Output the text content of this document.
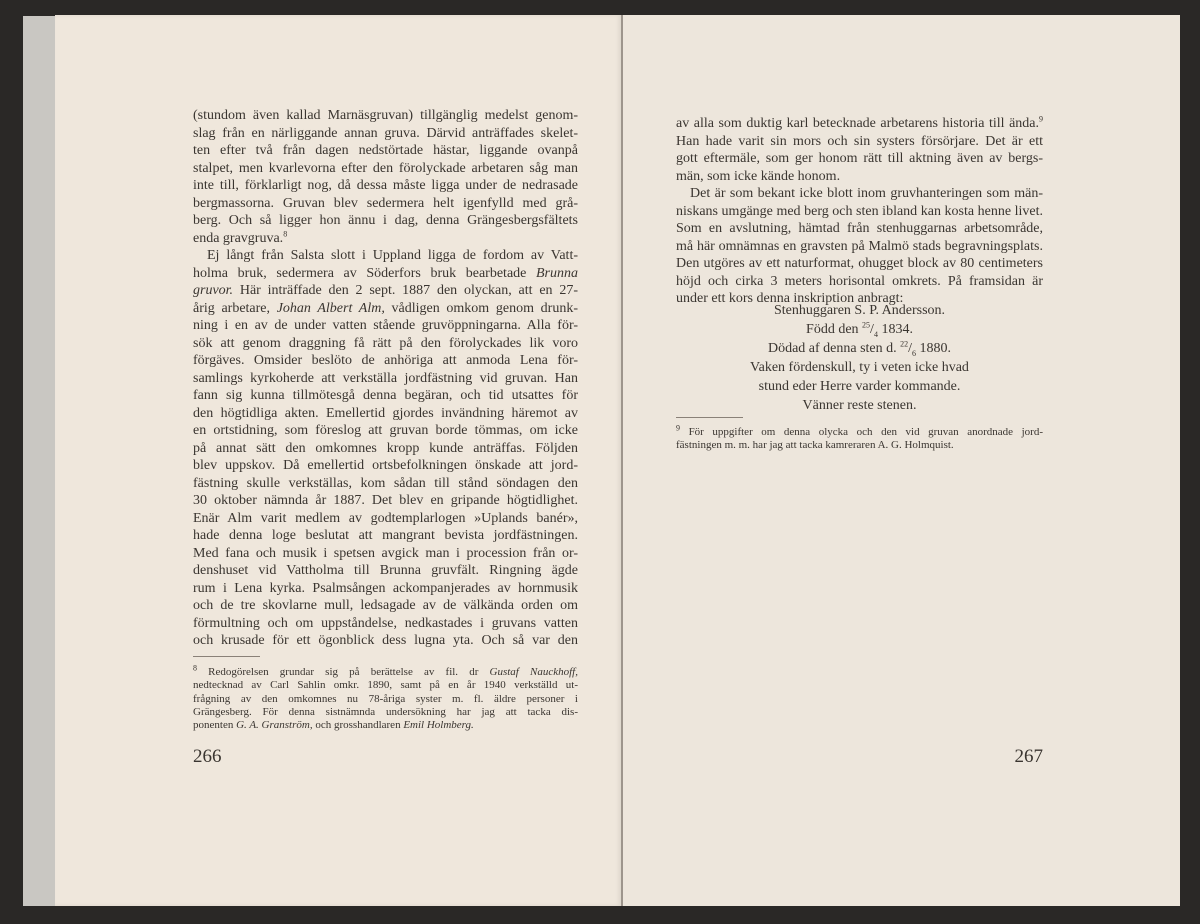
(stundom även kallad Marnäsgruvan) tillgänglig medelst genom-
slag från en närliggande annan gruva. Därvid anträffades skelet-
ten efter två från dagen nedstörtade hästar, liggande ovanpå
stalpet, men kvarlevorna efter den förolyckade arbetaren såg man
inte till, förklarligt nog, då dessa måste ligga under de nedrasade
bergmassorna. Gruvan blev sedermera helt igenfylld med grå-
berg. Och så ligger hon ännu i dag, denna Grängesbergsfältets
enda gravgruva.$^8$
Ej långt från Salsta slott i Uppland ligga de fordom av Vatt-
holma bruk, sedermera av Söderfors bruk bearbetade Brunna
gruvor. Här inträffade den 2 sept. 1887 den olyckan, att en 27-
årig arbetare, Johan Albert Alm, vådligen omkom genom drunk-
ning i en av de under vatten stående gruvöppningarna. Alla för-
sök att genom draggning få rätt på den förolyckades lik voro
förgäves. Omsider beslöto de anhöriga att anmoda Lena för-
samlings kyrkoherde att verkställa jordfästning vid gruvan. Han
fann sig kunna tillmötesgå denna begäran, och tid utsattes för
den högtidliga akten. Emellertid gjordes invändning häremot av
en ortstidning, som föreslog att gruvan borde tömmas, om icke
på annat sätt den omkomnes kropp kunde anträffas. Följden
blev uppskov. Då emellertid ortsbefolkningen önskade att jord-
fästning skulle verkställas, kom sådan till stånd söndagen den
30 oktober nämnda år 1887. Det blev en gripande högtidlighet.
Enär Alm varit medlem av godtemplarlogen »Uplands banér»,
hade denna loge beslutat att mangrant bevista jordfästningen.
Med fana och musik i spetsen avgick man i procession från or-
denshuset vid Vattholma till Brunna gruvfält. Ringning ägde
rum i Lena kyrka. Psalmsången ackompanjerades av hornmusik
och de tre skovlarne mull, ledsagade av de välkända orden om
förmultning och om uppståndelse, nedkastades i gruvans vatten
och krusade för ett ögonblick dess lugna yta. Och så var den
$^8$ Redogörelsen grundar sig på berättelse av fil. dr Gustaf Nauckhoff,
nedtecknad av Carl Sahlin omkr. 1890, samt på en år 1940 verkställd ut-
frågning av den omkomnes nu 78-åriga syster m. fl. äldre personer i
Grängesberg. För denna sistnämnda undersökning har jag att tacka dis-
ponenten G. A. Granström, och grosshandlaren Emil Holmberg.
266
av alla som duktig karl betecknade arbetarens historia till ända.$^9$
Han hade varit sin mors och sin systers försörjare. Det är ett
gott eftermäle, som ger honom rätt till aktning även av bergs-
män, som icke kände honom.
Det är som bekant icke blott inom gruvhanteringen som män-
niskans umgänge med berg och sten ibland kan kosta henne livet.
Som en avslutning, hämtad från stenhuggarnas arbetsområde,
må här omnämnas en gravsten på Malmö stads begravningsplats.
Den utgöres av ett naturformat, ohugget block av 80 centimeters
höjd och cirka 3 meters horisontal omkrets. På framsidan är
under ett kors denna inskription anbragt:
Stenhuggaren S. P. Andersson.
Född den $^{25}/_4$ 1834.
Dödad af denna sten d. $^{22}/_6$ 1880.
Vaken fördenskull, ty i veten icke hvad
stund eder Herre varder kommande.
Vänner reste stenen.
$^9$ För uppgifter om denna olycka och den vid gruvan anordnade jord-
fästningen m. m. har jag att tacka kamreraren A. G. Holmquist.
267
